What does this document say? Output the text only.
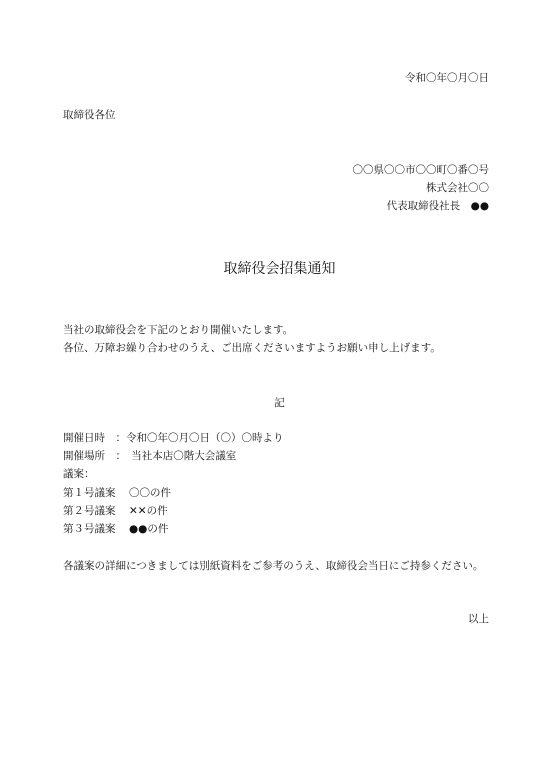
令和〇年〇月〇日
取締役各位
〇〇県〇〇市〇〇町〇番〇号
株式会社〇〇
代表取締役社長　●●
取締役会招集通知
当社の取締役会を下記のとおり開催いたします。
各位、万障お繰り合わせのうえ、ご出席くださいますようお願い申し上げます。
記
開催日時　：令和〇年〇月〇日（〇）〇時より
開催場所　：　当社本店〇階大会議室
議案：
第１号議案 〇〇の件
第２号議案 ✕✕の件
第３号議案 ●●の件
各議案の詳細につきましては別紙資料をご参考のうえ、取締役会当日にご持参ください。
以上
